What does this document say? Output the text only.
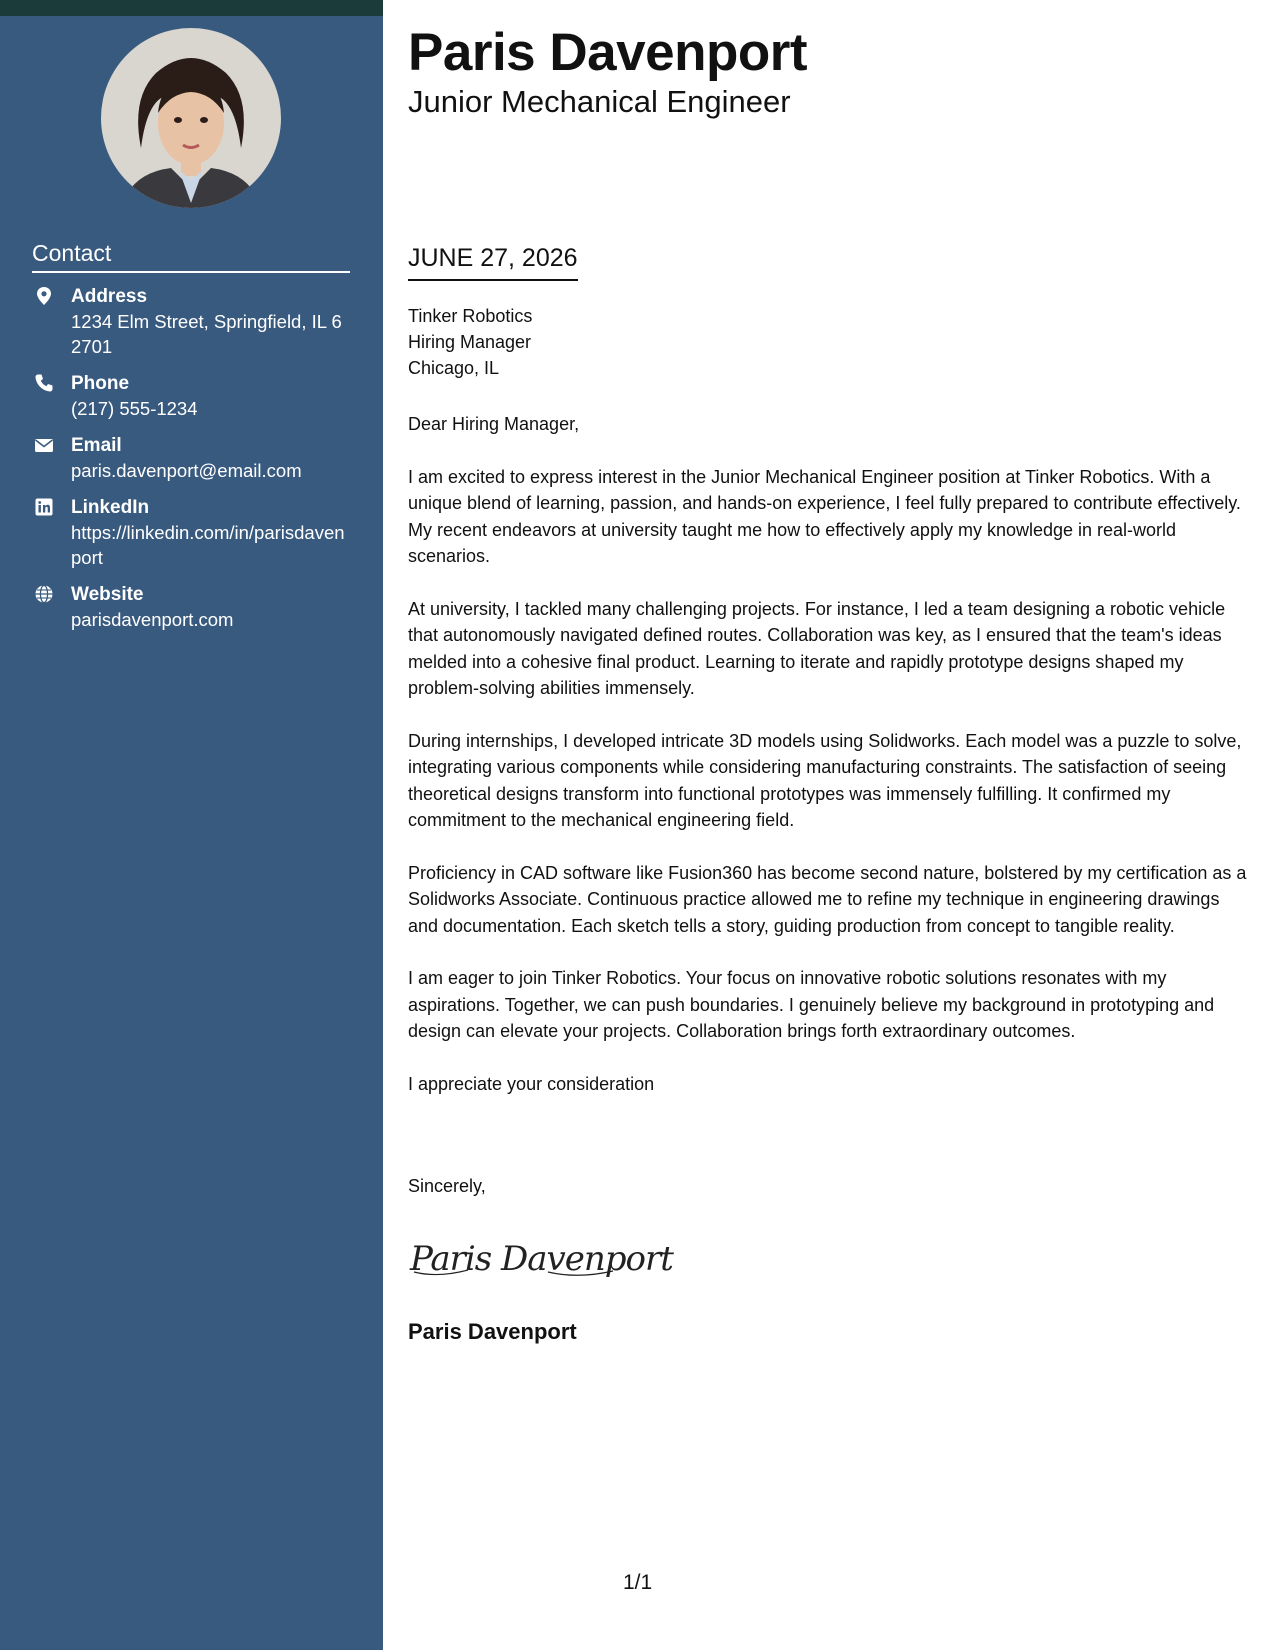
Contact
Address
1234 Elm Street, Springfield, IL 62701
Phone
(217) 555-1234
Email
paris.davenport@email.com
LinkedIn
https://linkedin.com/in/parisdavenport
Website
parisdavenport.com
Paris Davenport
Junior Mechanical Engineer
JUNE 27, 2026
Tinker Robotics
Hiring Manager
Chicago, IL

Dear Hiring Manager,

I am excited to express interest in the Junior Mechanical Engineer position at Tinker Robotics. With a unique blend of learning, passion, and hands-on experience, I feel fully prepared to contribute effectively. My recent endeavors at university taught me how to effectively apply my knowledge in real-world scenarios.

At university, I tackled many challenging projects. For instance, I led a team designing a robotic vehicle that autonomously navigated defined routes. Collaboration was key, as I ensured that the team's ideas melded into a cohesive final product. Learning to iterate and rapidly prototype designs shaped my problem-solving abilities immensely.

During internships, I developed intricate 3D models using Solidworks. Each model was a puzzle to solve, integrating various components while considering manufacturing constraints. The satisfaction of seeing theoretical designs transform into functional prototypes was immensely fulfilling. It confirmed my commitment to the mechanical engineering field.

Proficiency in CAD software like Fusion360 has become second nature, bolstered by my certification as a Solidworks Associate. Continuous practice allowed me to refine my technique in engineering drawings and documentation. Each sketch tells a story, guiding production from concept to tangible reality.

I am eager to join Tinker Robotics. Your focus on innovative robotic solutions resonates with my aspirations. Together, we can push boundaries. I genuinely believe my background in prototyping and design can elevate your projects. Collaboration brings forth extraordinary outcomes.

I appreciate your consideration

Sincerely,
Paris Davenport
Paris Davenport
1/1
